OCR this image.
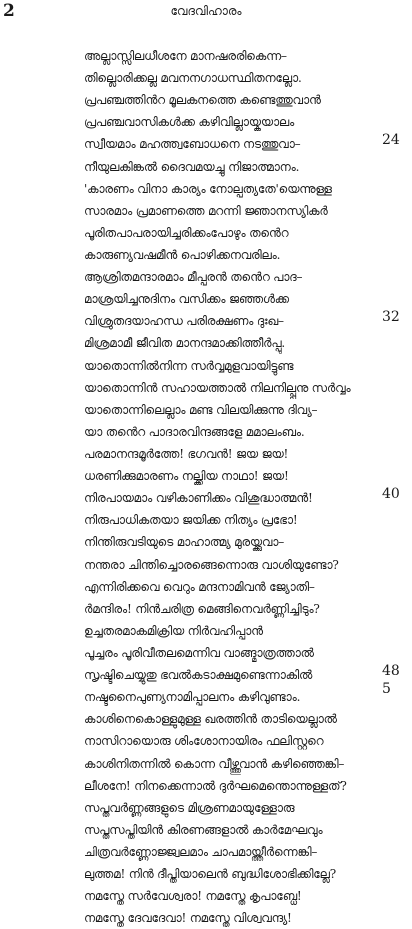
2	വേദവിഹാരം
അല്ലാസ്സിലധീശനേ മാനഷരരികെന്ന–
തില്ലൊരിക്കല്ല മവനനഗാധസ്ഥിതനല്ലോ.
പ്രപഞ്ചത്തിൻറ മൂലകനത്തെ കണ്ടെത്തുവാൻ
പ്രപഞ്ചവാസികൾക്ക കഴിവില്ലായ്കയാലം
സ്വീയമാം മഹത്ത്വബോധനെ നടത്തുവാ–
നീയുലകിങ്കൽ ദൈവമയച്ചു നിജാത്മാനം.
'കാരണം വിനാ കാര്യം നോല്പത്യതേ'യെന്നുള്ള
സാരമാം പ്രമാണത്തെ മറന്നി ജ്ഞാനസ്യികർ
പൂരിതപാപരായിച്ചരിക്കംപോഴും തൻെറ
കാരുണ്യവഷമീൻ പൊഴിക്കനവരിലം.
ആശ്രിതമന്ദാരമാം മീപ്പരൻ തൻെറ പാദ–
മാശ്രയിച്ചനുദിനം വസിക്കം ജഞ്ഞൾക്ക
വിശ്രുതദയാഹന്ധ പരിരക്ഷണം ദുഃഖ–
മിശ്രമാമീ ജീവിത മാനന്ദമാക്കിത്തീർപ്പു.
യാതൊന്നിൽനിന്ന സർവ്വമുളവായിട്ടുണ്ട
യാതൊന്നിൻ സഹായത്താൽ നിലനില്പ്പനു സർവ്വം
യാതൊന്നിലെല്ലാം മണ്ട വിലയിക്കുന്നു ദിവ്യ–
യാ തൻെറ പാദാരവിന്ദങ്ങളേ മമാലംബം.
പരമാനന്ദമൂർത്തേ! ഭഗവൻ! ജയ ജയ!
ധരണിക്കുമാരണം നല്ക്കിയ നാഥാ! ജയ!
നിരപായമാം വഴികാണിക്കം വിശുദ്ധാത്മൻ!
നിരുപാധികതയാ ജയിക്ക നിത്യം പ്രഭോ!
നിന്തിരുവടിയുടെ മാഹാത്മ്യ മുരയ്ക്കുവാ–
നന്തരാ ചിന്തിച്ചൊരങ്ങെന്നൊരു വാശിയുണ്ടോ?
എന്നിരിക്കവെ വെറും മന്ദനാമിവൻ ജ്യോതി–
ർമന്ദിരം! നിൻചരിത്ര മെങ്ങിനെവർണ്ണിച്ചിടും?
ഉച്ചതരമാകമിക്രിയ നിർവഹിപ്പാൻ
പൂച്ചരം പൂരിവീതലമെന്നിവ വാങ്ങ്മാത്രത്താൽ
സൃഷ്ടിചെയ്യുതു ഭവൽകടാക്ഷമുണ്ടെന്നാകിൽ
നഷ്ടനൈപുണ്യനാമിപ്പാലനം കഴിവുണ്ടാം.
കാശിനെകൊള്ളുമുള്ള ഖരത്തിൻ താടിയെല്ലാൽ
നാസിറായൊരു ശിംശോനായിരം ഫലിസ്റ്ററെ
കാശിനിതന്നിൽ കൊന്ന വീഴ്ത്തുവാൻ കഴിഞ്ഞെങ്കി–
ലീശനേ! നിനക്കെന്നാൽ ദുർഘമെന്തൊന്നുള്ളത്?
സപ്തവർണ്ണങ്ങളുടെ മിശ്രണമായുള്ളോരു
സപ്തസപ്തിയിൻ കിരണങ്ങളാൽ കാർമേഘവും
ചിത്രവർണ്ണോജ്ജ്വലമാം ചാപമായ്ത്തീർന്നെങ്കി–
ലുത്തമ! നിൻ ദീപ്തിയാലെൻ ബുദ്ധിശോഭിക്കില്ലേ?
നമസ്തേ സർവേശ്വരാ! നമസ്തേ കൃപാബ്ധേ!
നമസ്തേ ദേവദേവാ! നമസ്തേ വിശ്വവന്ദ്യ!
24
32
40
48
5
